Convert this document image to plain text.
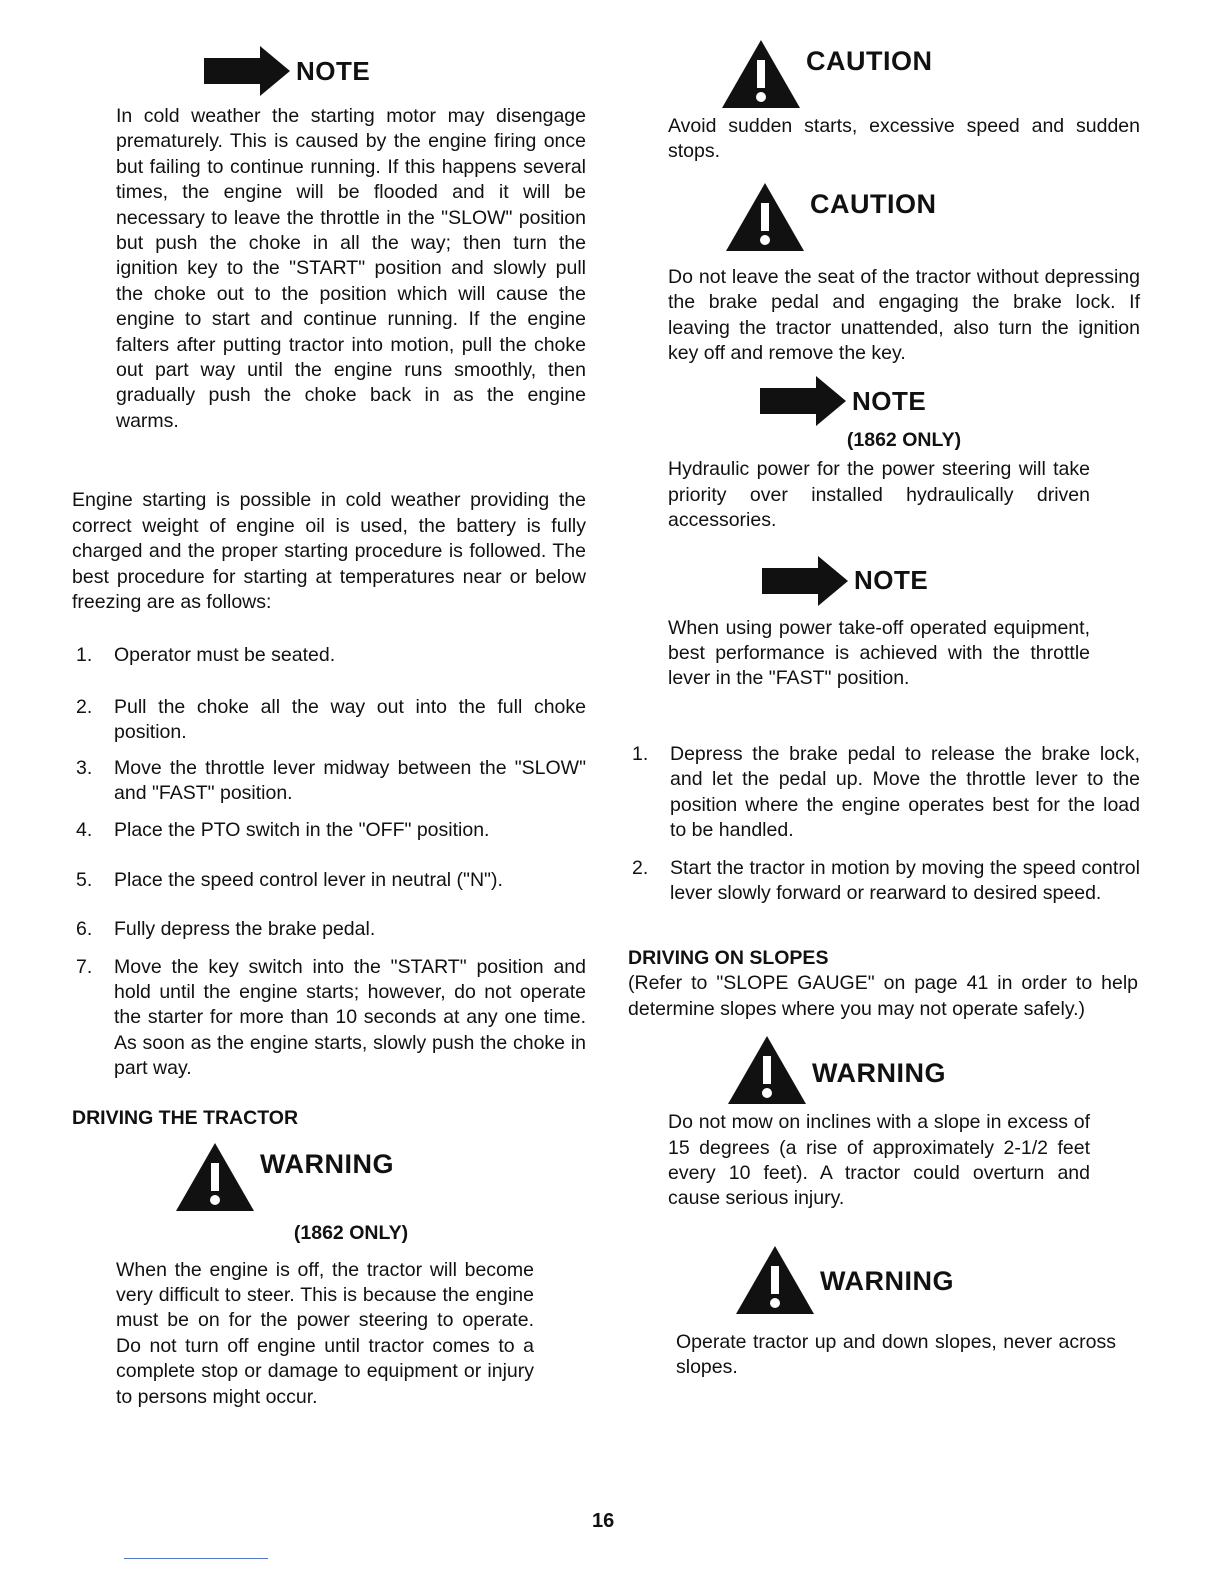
NOTE

In cold weather the starting motor may disengage prematurely. This is caused by the engine firing once but failing to continue running. If this happens several times, the engine will be flooded and it will be necessary to leave the throttle in the "SLOW" position but push the choke in all the way; then turn the ignition key to the "START" position and slowly pull the choke out to the position which will cause the engine to start and continue running. If the engine falters after putting tractor into motion, pull the choke out part way until the engine runs smoothly, then gradually push the choke back in as the engine warms.

Engine starting is possible in cold weather providing the correct weight of engine oil is used, the battery is fully charged and the proper starting procedure is followed. The best procedure for starting at temperatures near or below freezing are as follows:

1. Operator must be seated.
2. Pull the choke all the way out into the full choke position.
3. Move the throttle lever midway between the "SLOW" and "FAST" position.
4. Place the PTO switch in the "OFF" position.
5. Place the speed control lever in neutral ("N").
6. Fully depress the brake pedal.
7. Move the key switch into the "START" position and hold until the engine starts; however, do not operate the starter for more than 10 seconds at any one time. As soon as the engine starts, slowly push the choke in part way.

DRIVING THE TRACTOR

WARNING

(1862 ONLY)

When the engine is off, the tractor will become very difficult to steer. This is because the engine must be on for the power steering to operate. Do not turn off engine until tractor comes to a complete stop or damage to equipment or injury to persons might occur.

CAUTION

Avoid sudden starts, excessive speed and sudden stops.

CAUTION

Do not leave the seat of the tractor without depressing the brake pedal and engaging the brake lock. If leaving the tractor unattended, also turn the ignition key off and remove the key.

NOTE

(1862 ONLY)

Hydraulic power for the power steering will take priority over installed hydraulically driven accessories.

NOTE

When using power take-off operated equipment, best performance is achieved with the throttle lever in the "FAST" position.

1. Depress the brake pedal to release the brake lock, and let the pedal up. Move the throttle lever to the position where the engine operates best for the load to be handled.
2. Start the tractor in motion by moving the speed control lever slowly forward or rearward to desired speed.

DRIVING ON SLOPES

(Refer to "SLOPE GAUGE" on page 41 in order to help determine slopes where you may not operate safely.)

WARNING

Do not mow on inclines with a slope in excess of 15 degrees (a rise of approximately 2-1/2 feet every 10 feet). A tractor could overturn and cause serious injury.

WARNING

Operate tractor up and down slopes, never across slopes.

16
